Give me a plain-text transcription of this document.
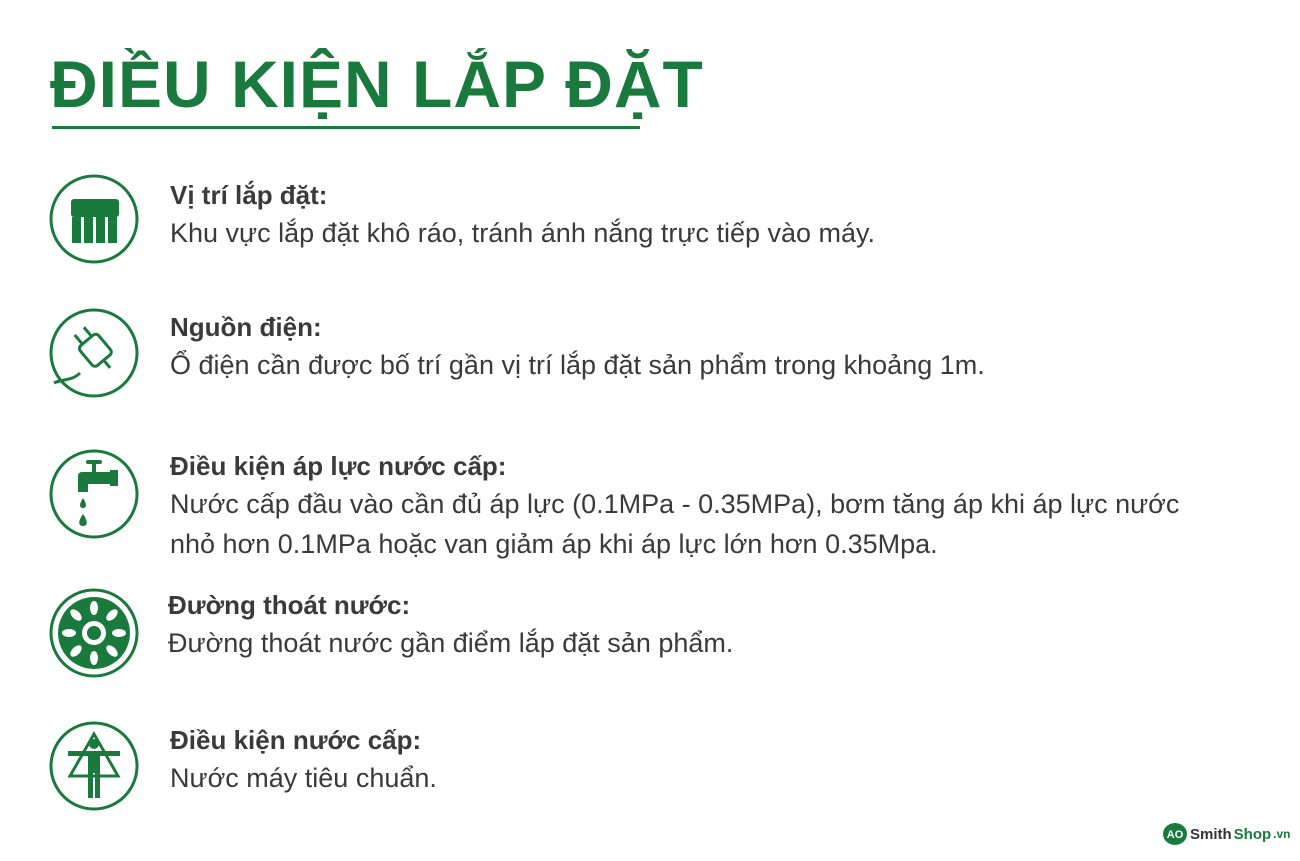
ĐIỀU KIỆN LẮP ĐẶT

Vị trí lắp đặt:

Khu vực lắp đặt khô ráo, tránh ánh nắng trực tiếp vào máy.

Nguồn điện:

Ổ điện cần được bố trí gần vị trí lắp đặt sản phẩm trong khoảng 1m.

Điều kiện áp lực nước cấp:

Nước cấp đầu vào cần đủ áp lực (0.1MPa - 0.35MPa), bơm tăng áp khi áp lực nước

nhỏ hơn 0.1MPa hoặc van giảm áp khi áp lực lớn hơn 0.35Mpa.

Đường thoát nước:

Đường thoát nước gần điểm lắp đặt sản phẩm.

Điều kiện nước cấp:

Nước máy tiêu chuẩn.

AO Smith Shop .vn
